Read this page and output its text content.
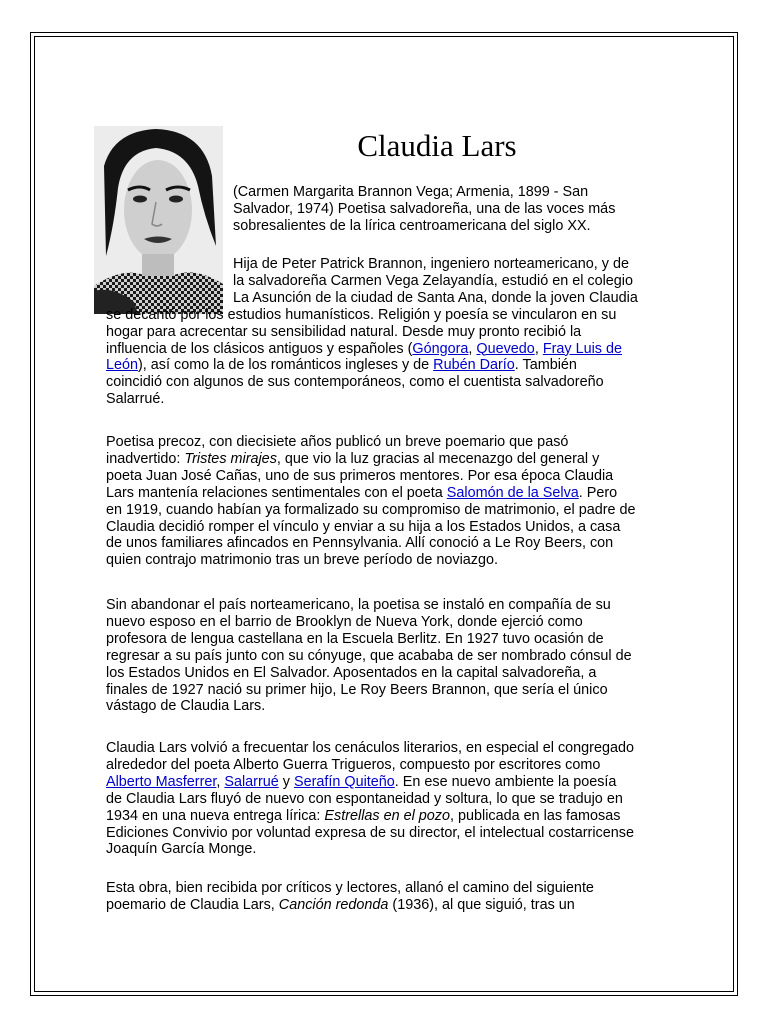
Claudia Lars

(Carmen Margarita Brannon Vega; Armenia, 1899 - San
Salvador, 1974) Poetisa salvadoreña, una de las voces más
sobresalientes de la lírica centroamericana del siglo XX.

Hija de Peter Patrick Brannon, ingeniero norteamericano, y de
la salvadoreña Carmen Vega Zelayandía, estudió en el colegio
La Asunción de la ciudad de Santa Ana, donde la joven Claudia

se decantó por los estudios humanísticos. Religión y poesía se vincularon en su
hogar para acrecentar su sensibilidad natural. Desde muy pronto recibió la
influencia de los clásicos antiguos y españoles (Góngora, Quevedo, Fray Luis de
León), así como la de los románticos ingleses y de Rubén Darío. También
coincidió con algunos de sus contemporáneos, como el cuentista salvadoreño
Salarrué.

Poetisa precoz, con diecisiete años publicó un breve poemario que pasó
inadvertido: Tristes mirajes, que vio la luz gracias al mecenazgo del general y
poeta Juan José Cañas, uno de sus primeros mentores. Por esa época Claudia
Lars mantenía relaciones sentimentales con el poeta Salomón de la Selva. Pero
en 1919, cuando habían ya formalizado su compromiso de matrimonio, el padre de
Claudia decidió romper el vínculo y enviar a su hija a los Estados Unidos, a casa
de unos familiares afincados en Pennsylvania. Allí conoció a Le Roy Beers, con
quien contrajo matrimonio tras un breve período de noviazgo.

Sin abandonar el país norteamericano, la poetisa se instaló en compañía de su
nuevo esposo en el barrio de Brooklyn de Nueva York, donde ejerció como
profesora de lengua castellana en la Escuela Berlitz. En 1927 tuvo ocasión de
regresar a su país junto con su cónyuge, que acababa de ser nombrado cónsul de
los Estados Unidos en El Salvador. Aposentados en la capital salvadoreña, a
finales de 1927 nació su primer hijo, Le Roy Beers Brannon, que sería el único
vástago de Claudia Lars.

Claudia Lars volvió a frecuentar los cenáculos literarios, en especial el congregado
alrededor del poeta Alberto Guerra Trigueros, compuesto por escritores como
Alberto Masferrer, Salarrué y Serafín Quiteño. En ese nuevo ambiente la poesía
de Claudia Lars fluyó de nuevo con espontaneidad y soltura, lo que se tradujo en
1934 en una nueva entrega lírica: Estrellas en el pozo, publicada en las famosas
Ediciones Convivio por voluntad expresa de su director, el intelectual costarricense
Joaquín García Monge.

Esta obra, bien recibida por críticos y lectores, allanó el camino del siguiente
poemario de Claudia Lars, Canción redonda (1936), al que siguió, tras un
